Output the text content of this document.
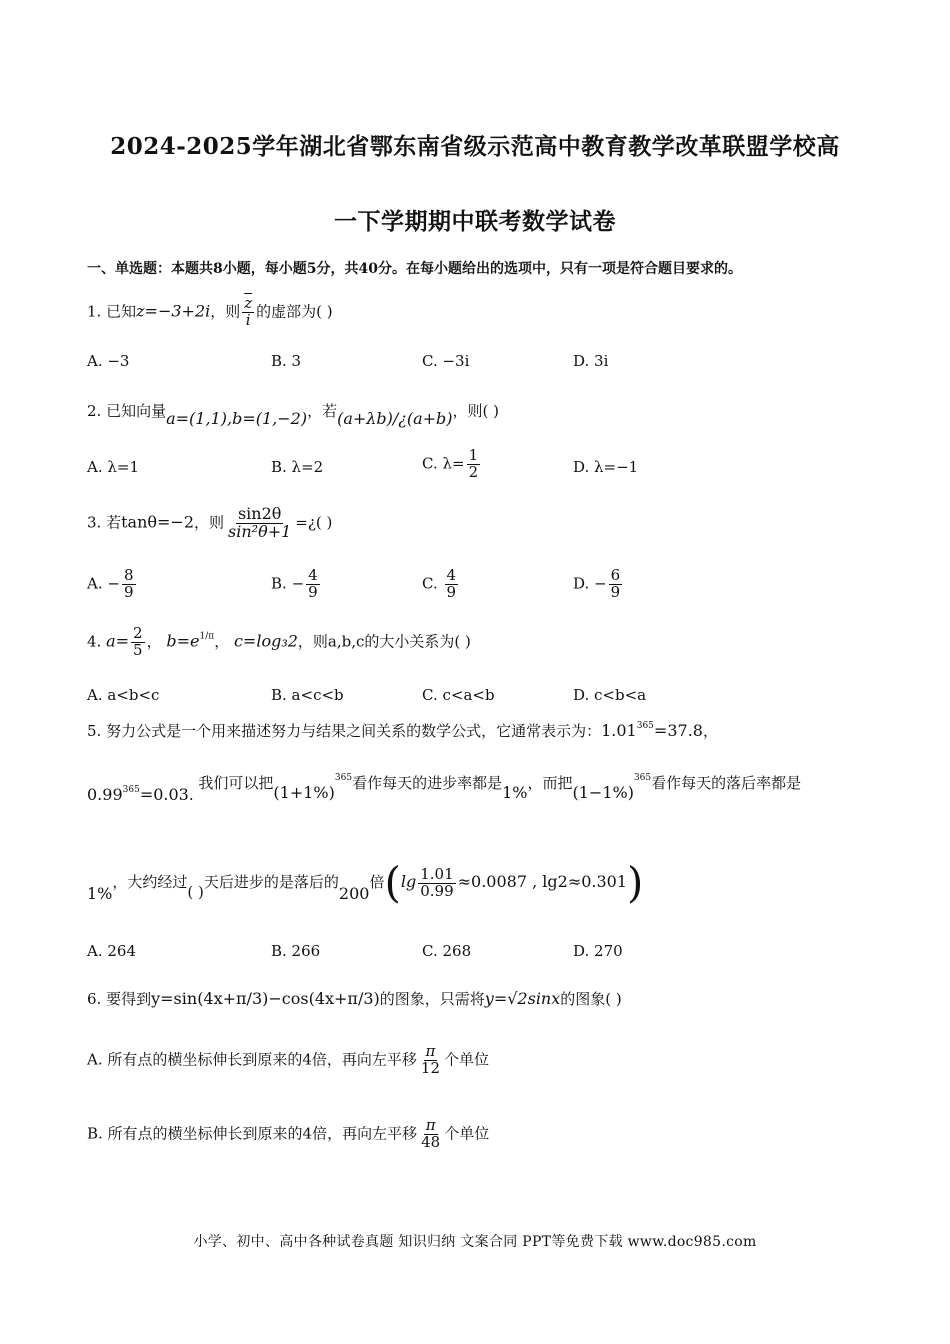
2024-2025学年湖北省鄂东南省级示范高中教育教学改革联盟学校高
一下学期期中联考数学试卷
一、单选题：本题共8小题，每小题5分，共40分。在每小题给出的选项中，只有一项是符合题目要求的。
1. 已知z=−3+2i，则 $\frac{\overline{z}}{i}$ 的虚部为( )
A. −3	B. 3	C. −3i	D. 3i
2. 已知向量a=(1,1),b=(1,−2)，若(a+λb)/¿(a+b)，则( )
A. λ=1	B. λ=2	C. $\lambda= \frac{1}{2}$	D. λ=−1
3. 若tanθ=−2，则 $\frac{\sin 2\theta}{\text{sin²θ+1}}$ =¿( )
A. − $\frac{8}{9}$	B. − $\frac{4}{9}$	C. $\frac{4}{9}$	D. − $\frac{6}{9}$
4. $a= \frac{2}{5}$ ， $b=e^{1/\pi}$， c=log₃2，则a,b,c的大小关系为( )
A. a<b<c	B. a<c<b	C. c<a<b	D. c<b<a
5. 努力公式是一个用来描述努力与结果之间关系的数学公式，它通常表示为：$1.01^{365}=37.8$，
$0.99^{365}=0.03$. 我们可以把$(1+1\%)^{365}$看作每天的进步率都是1%，而把$(1-1\%)^{365}$看作每天的落后率都是
1%，大约经过( )天后进步的是落后的200倍($\lg \frac{1.01}{0.99} \approx 0.0087$ , lg2≈0.301)
A. 264	B. 266	C. 268	D. 270
6. 要得到y=sin(4x+π/3)−cos(4x+π/3)的图象，只需将y=√2sinx的图象( )
A. 所有点的横坐标伸长到原来的4倍，再向左平移 $\frac{\pi}{12}$ 个单位
B. 所有点的横坐标伸长到原来的4倍，再向左平移 $\frac{\pi}{48}$ 个单位
小学、初中、高中各种试卷真题 知识归纳 文案合同 PPT等免费下载 www.doc985.com
